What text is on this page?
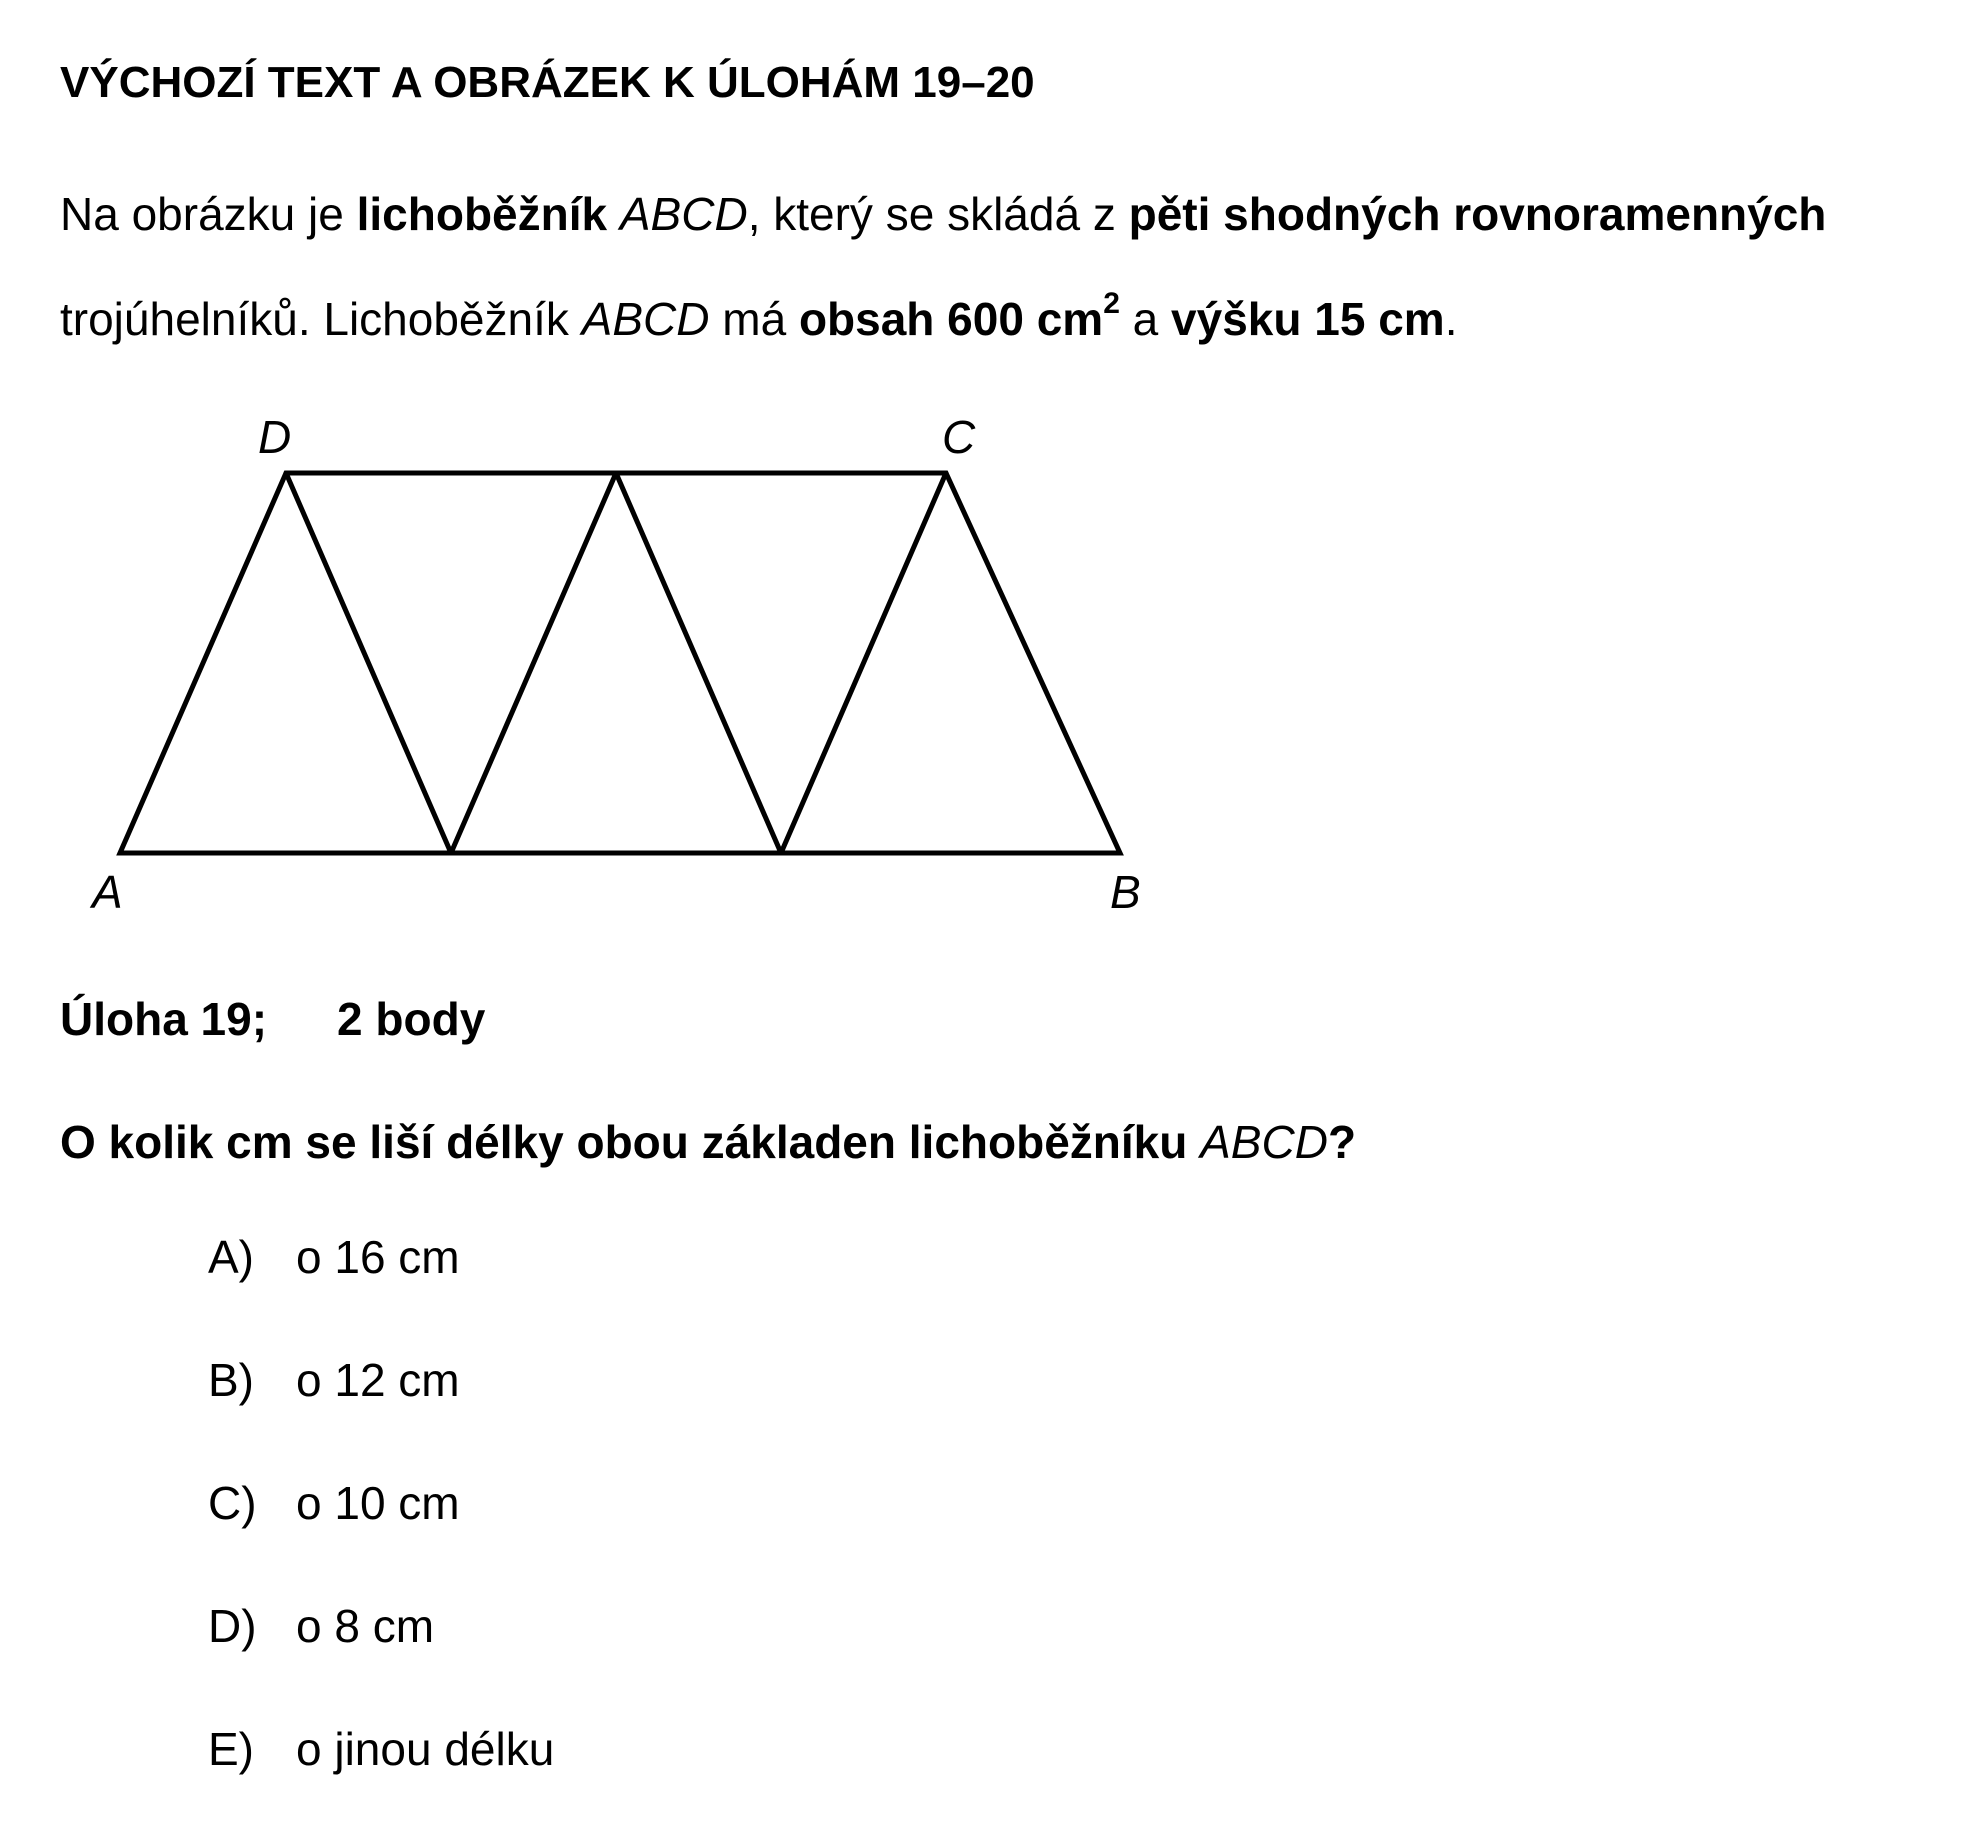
VÝCHOZÍ TEXT A OBRÁZEK K ÚLOHÁM 19–20
Na obrázku je lichoběžník ABCD, který se skládá z pěti shodných rovnoramenných
trojúhelníků. Lichoběžník ABCD má obsah 600 $cm^2$ a výšku 15 cm.
D	C
A	B
Úloha 19; 2 body
O kolik cm se liší délky obou základen lichoběžníku ABCD?
A) o 16 cm
B) o 12 cm
C) o 10 cm
D) o 8 cm
E) o jinou délku
